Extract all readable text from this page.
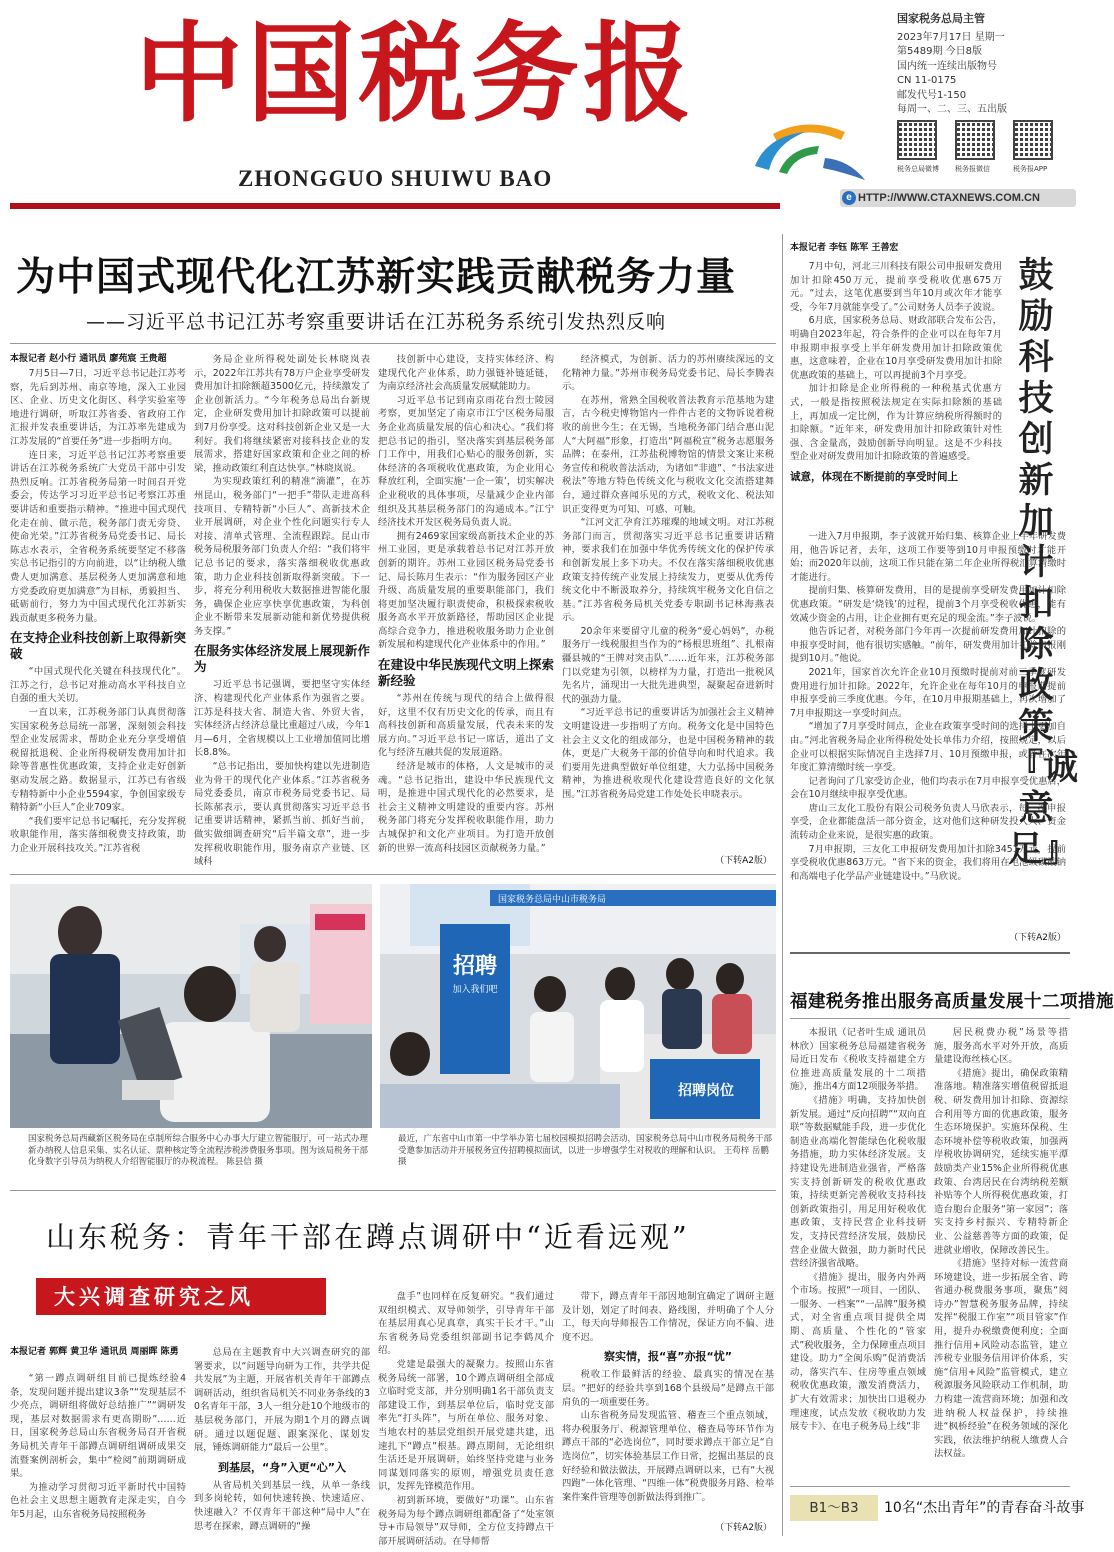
中国税务报
ZHONGGUO SHUIWU BAO
国家税务总局主管
2023年7月17日 星期一
第5489期 今日8版
国内统一连续出版物号
CN 11-0175
邮发代号1-150
每周一、二、三、五出版
税务总局微博 税务报微信	税务报APP
e HTTP://WWW.CTAXNEWS.COM.CN
为中国式现代化江苏新实践贡献税务力量
——习近平总书记江苏考察重要讲话在江苏税务系统引发热烈反响
本报记者 赵小行 通讯员 廖苑宸 王贵超

7月5日—7日，习近平总书记赴江苏考察，先后到苏州、南京等地，深入工业园区、企业、历史文化街区、科学实验室等地进行调研，听取江苏省委、省政府工作汇报并发表重要讲话，为江苏率先建成为江苏发展的“首要任务”进一步指明方向。

连日来，习近平总书记江苏考察重要讲话在江苏税务系统广大党员干部中引发热烈反响。江苏省税务局第一时间召开党委会，传达学习习近平总书记考察江苏重要讲话和重要指示精神。“推进中国式现代化走在前、做示范，税务部门责无旁贷、使命光荣。”江苏省税务局党委书记、局长陈志水表示，全省税务系统要坚定不移落实总书记指引的方向前进，以“让纳税人缴费人更加满意、基层税务人更加满意和地方党委政府更加满意”为目标，勇毅担当、砥砺前行，努力为中国式现代化江苏新实践贡献更多税务力量。

在支持企业科技创新上取得新突破

“中国式现代化关键在科技现代化”。江苏之行，总书记对推动高水平科技自立自强的重大关切。

一直以来，江苏税务部门认真贯彻落实国家税务总局统一部署，深刻领会科技型企业发展需求，帮助企业充分享受增值税留抵退税、企业所得税研发费用加计扣除等普惠性优惠政策，支持企业走好创新驱动发展之路。数据显示，江苏已有省级专精特新中小企业5594家，争创国家级专精特新“小巨人”企业709家。

“我们要牢记总书记嘱托，充分发挥税收职能作用，落实落细税费支持政策，助力企业开展科技攻关。”江苏省税

务局企业所得税处副处长林晓岚表示，2022年江苏共有78万户企业享受研发费用加计扣除额超3500亿元，持续激发了企业创新活力。“今年税务总局出台新规定，企业研发费用加计扣除政策可以提前到7月份享受。这对科技创新企业又是一大利好。我们将继续紧密对接科技企业的发展需求，搭建好国家政策和企业之间的桥梁，推动政策红利直达快享。”林晓岚说。

为实现政策红利的精准“滴灌”，在苏州昆山，税务部门“一把手”带队走进高科技项目、专精特新“小巨人”、高新技术企业开展调研，对企业个性化问题实行专人对接、清单式管理、全流程跟踪。昆山市税务局税服务部门负责人介绍：“我们将牢记总书记的要求，落实落细税收优惠政策，助力企业科技创新取得新突破。下一步，将充分利用税收大数据推进智能化服务，确保企业应享快享优惠政策，为科创企业不断带来发展新动能和新优势提供税务支撑。”

在服务实体经济发展上展现新作为

习近平总书记强调，要把坚守实体经济、构建现代化产业体系作为强省之要。江苏是科技大省、制造大省、外贸大省，实体经济占经济总量比重超过八成，今年1月—6月，全省规模以上工业增加值同比增长8.8%。

“总书记指出，要加快构建以先进制造业为骨干的现代化产业体系。”江苏省税务局党委委员，南京市税务局党委书记、局长陈郝表示，要认真贯彻落实习近平总书记重要讲话精神，紧抓当前、抓好当前，做实做细调查研究“后半篇文章”，进一步发挥税收职能作用，服务南京产业链、区域科

技创新中心建设，支持实体经济、构建现代化产业体系，助力强链补链延链，为南京经济社会高质量发展赋能助力。

习近平总书记到南京雨花台烈士陵园考察，更加坚定了南京市江宁区税务局服务企业高质量发展的信心和决心。“我们将把总书记的指引，坚决落实到基层税务部门工作中，用我们心贴心的服务创新，实体经济的各项税收优惠政策，为企业用心释放红利，全面实施‘一企一策’，切实解决企业税收的具体事项，尽量减少企业内部组织及其基层税务部门的沟通成本。”江宁经济技术开发区税务局负责人说。

拥有2469家国家级高新技术企业的苏州工业园，更是承载着总书记对江苏开放创新的期许。苏州工业园区税务局党委书记、局长陈月生表示：“作为服务园区产业升级、高质量发展的重要职能部门，我们将更加坚决履行职责使命，积极探索税收服务高水平开放新路径，帮助园区企业提高综合竞争力，推进税收服务助力企业创新发展和构建现代化产业体系中的作用。”

在建设中华民族现代文明上探索新经验

“苏州在传统与现代的结合上做得很好，这里不仅有历史文化的传承，而且有高科技创新和高质量发展，代表未来的发展方向。”习近平总书记一席话，道出了文化与经济互融共促的发展道路。

经济是城市的体格，人文是城市的灵魂。“总书记指出，建设中华民族现代文明，是推进中国式现代化的必然要求，是社会主义精神文明建设的重要内容。苏州税务部门将充分发挥税收职能作用，助力古城保护和文化产业项目。为打造开放创新的世界一流高科技园区贡献税务力量。”

经济模式，为创新、活力的苏州赓续深远的文化精神力量。”苏州市税务局党委书记、局长李腾表示。

在苏州，常熟全国税收普法教育示范基地为建言，古今税史博物馆内一件件古老的文物诉说着税收的前世今生；在无锡，当地税务部门结合惠山泥人“大阿福”形象，打造出“阿福税宣”税务志愿服务品牌；在泰州，江苏盐税博物馆的情景文案让来税务宣传和税收普法活动，为诸如“非遗”、“书法家进税法”等地方特色传统文化与税收文化交流搭建舞台，通过群众喜闻乐见的方式，税收文化、税法知识正变得更为可知、可感、可触。

“江河文汇孕育江苏璀璨的地域文明。对江苏税务部门而言，贯彻落实习近平总书记重要讲话精神，要求我们在加强中华优秀传统文化的保护传承和创新发展上多下功夫。不仅在落实落细税收优惠政策支持传统产业发展上持续发力，更要从优秀传统文化中不断汲取养分，持续筑牢税务文化自信之基。”江苏省税务局机关党委专职副书记林海燕表示。

20余年来要留守儿童的税务“爱心妈妈”，办税服务厅一线税服担当作为的“杨根思班组”、扎根南疆县城的“王牌对突击队”……近年来，江苏税务部门以党建为引领，以榜样为力量，打造出一批税风先名片，涌现出一大批先进典型，凝聚起奋进新时代的强劲力量。

“习近平总书记的重要讲话为加强社会主义精神文明建设进一步指明了方向。税务文化是中国特色社会主义文化的组成部分，也是中国税务精神的载体，更是广大税务干部的价值导向和时代追求。我们要用先进典型做好单位组建，大力弘扬中国税务精神，为推进税收现代化建设营造良好的文化氛围。”江苏省税务局党建工作处处长申晓表示。

（下转A2版）
本报记者 李钰 陈军 王善宏
鼓励科技创新 加计扣除政策『诚意足』

7月中旬，河北三川科技有限公司申报研发费用加计扣除450万元，提前享受税收优惠675万元。“过去，这笔优惠要到当年10月或次年才能享受，今年7月就能享受了。”公司财务人员李子波说。

6月底，国家税务总局、财政部联合发布公告，明确自2023年起，符合条件的企业可以在每年7月申报期申报享受上半年研发费用加计扣除政策优惠，这意味着，企业在10月享受研发费用加计扣除优惠政策的基础上，可以再提前3个月享受。

加计扣除是企业所得税的一种税基式优惠方式，一般是指按照税法规定在实际扣除额的基础上，再加成一定比例，作为计算应纳税所得额时的扣除额。“近年来，研发费用加计扣除政策针对性强、含金量高，鼓励创新导向明显。这是不少科技型企业对研发费用加计扣除政策的普遍感受。

诚意，体现在不断提前的享受时间上

一进入7月申报期，李子波就开始归集、核算企业上半年研发费用，他告诉记者，去年，这项工作要等到10月申报预缴时才能开始；而2020年以前，这项工作只能在第二年企业所得税汇算清缴时才能进行。

提前归集、核算研发费用，目的是提前享受研发费用加计扣除优惠政策。“研发是‘烧钱’的过程，提前3个月享受税收优惠，能有效减少资金的占用，让企业拥有更充足的现金流。”李子波说。

他告诉记者，对税务部门今年再一次提前研发费用加计扣除的申报享受时间，他有很切实感触。“前年，研发费用加计扣除申报刚提到10月。”他说。

2021年，国家首次允许企业10月预缴时提前对前三季度研发费用进行加计扣除。2022年，允许企业在每年10月的申报期提前申报享受前三季度优惠。今年，在10月申报期基础上，再次增加了7月申报期这一享受时间点。

“增加了7月享受时间点，企业在政策享受时间的选择上更加自由。”河北省税务局企业所得税处处长单伟力介绍，按照规定，以后企业可以根据实际情况自主选择7月、10月预缴申报，或者在次年年度汇算清缴时统一享受。

记者询问了几家受访企业，他们均表示在7月申报享受优惠后，会在10月继续申报享受优惠。

唐山三友化工股份有限公司税务负责人马欣表示，每一次申报享受，企业都能盘活一部分资金，这对他们这种研发投入大、资金流转动企业来说，是很实惠的政策。

7月申报期，三友化工申报研发费用加计扣除3451万元，提前享受税收优惠863万元。“省下来的资金，我们将用在电池级碳酸钠和高端电子化学品产业链建设中。”马欣说。

（下转A2版）
招聘
加入我们吧
招聘岗位
国家税务总局中山市税务局
国家税务总局西藏新区税务局在卓制所综合服务中心办事大厅建立智能服厅，可一站式办理新办纳税人信息采集、实名认证、票种核定等全流程涉税涉费服务事项。图为该局税务干部化身数字引导员为纳税人介绍智能服厅的办税流程。 陈县信 摄
最近，广东省中山市第一中学举办第七届校园模拟招聘会活动，国家税务总局中山市税务局税务干部受邀参加活动并开展税务宣传招聘模拟面试，以进一步增强学生对税收的理解和认识。 王苟梓 岳鹏 摄
山东税务：青年干部在蹲点调研中“近看远观”
大兴调查研究之风
本报记者 郭辉 黄卫华 通讯员 周丽晖 陈勇

“第一蹲点调研组目前已提炼经验4条，发现问题并提出建议3条”“发现基层不少亮点，调研组将做好总结推广”“调研发现，基层对数据需求有更高期盼”……近日，国家税务总局山东省税务局召开省税务局机关青年干部蹲点调研组调研成果交流暨案例剖析会，集中“检阅”前期调研成果。

为推动学习贯彻习近平新时代中国特色社会主义思想主题教育走深走实，自今年5月起，山东省税务局按照税务

总局在主题教育中大兴调查研究的部署要求，以“问题导向研为工作，共学共促共发展”为主题，开展省机关青年干部蹲点调研活动，组织省局机关不同业务条线的30名青年干部，3人一组分赴10个地级市的基层税务部门，开展为期1个月的蹲点调研。通过以题促题、跟案深化、谋划发展，锤炼调研能力“最后一公里”。

到基层，“身”入更“心”入

从省局机关到基层一线，从单一条线到多岗轮转，如何快速转换、快速适应、快速融入？不仅青年干部这种“局中人”在思考在探索，蹲点调研的“操

盘手”也同样在反复研究。“我们通过双组织模式、双导师领学，引导青年干部在基层用真心见真章，真实干长才干。”山东省税务局党委组织部副书记李鹤凤介绍。

党建是最强大的凝聚力。按照山东省税务局统一部署，10个蹲点调研组全部成立临时党支部，并分别明确1名干部负责支部建设工作，到基层单位后，临时党支部率先“打头阵”，与所在单位、服务对象、当地农村的基层党组织开展党建共建，迅速扎下“蹲点”根基。蹲点期间，无论组织生活还是开展调研，始终坚持党建与业务同谋划同落实的原则，增强党员责任意识，发挥先锋模范作用。

初到新环境，要做好“功课”。山东省税务局为每个蹲点调研组都配备了“处室领导+市局领导”双导师，全方位支持蹲点干部开展调研活动。在导师帮

带下，蹲点青年干部因地制宜确定了调研主题及计划，划定了时间表、路线图，并明确了个人分工，每天向导师报告工作情况，保证方向不偏、进度不迟。

察实情，报“喜”亦报“忧”

税收工作最鲜活的经验、最真实的情况在基层。“把好的经验共享到168个县级局”是蹲点干部肩负的一项重要任务。

山东省税务局发现监管、稽查三个重点领域，将办税服务厅、税源管理单位、稽查局等环节作为蹲点干部的“必选岗位”，同时要求蹲点干部立足“自选岗位”，切实体验基层工作日常，挖掘出基层的良好经验和做法做法，开展蹲点调研以来，已有“大视四跑”一体化管理、“四维一体”税费服务月路、检举案件案件管理等创新做法得到推广。

（下转A2版）
福建税务推出服务高质量发展十二项措施

本报讯（记者叶生成 通讯员林欣）国家税务总局福建省税务局近日发布《税收支持福建全方位推进高质量发展的十二项措施》，推出4方面12项服务举措。

《措施》明确，支持加快创新发展。通过“反向招聘”“双向直联”等数据赋能手段，进一步优化制造业高端化智能绿色化税收服务措施，助力实体经济发展。支持建设先进制造业强省，严格落实支持创新研发的税收优惠政策，持续更新完善税收支持科技创新政策指引，用足用好税收优惠政策，支持民营企业科技研发，支持民营经济发展，鼓励民营企业做大做强，助力新时代民营经济强省战略。

《措施》提出，服务内外两个市场。按照“一项目、一团队、一服务、一档案”“一品牌”服务模式，对全省重点项目提供全周期、高质量、个性化的“管家式”税收服务，全力保障重点项目建设。助力“全闽乐购”促消费活动，落实汽车、住房等重点领域税收优惠政策，激发消费活力，扩大有效需求；加快出口退税办理速度，试点发放《税收助力发展专卡》、在电子税务局上线“非

居民税费办税”场景等措施，服务高水平对外开放，高质量建设海丝核心区。

《措施》提出，确保政策精准落地。精准落实增值税留抵退税、研发费用加计扣除、资源综合利用等方面的优惠政策，服务生态环境保护。实施环保税、生态环境补偿等税收政策，加强两岸税收协调研究，延续实施平潭鼓励类产业15%企业所得税优惠政策、台湾居民在台湾纳税差额补贴等个人所得税优惠政策，打造台胞台企服务“第一家园”；落实支持乡村振兴、专精特新企业、公益慈善等方面的政策，促进就业增收，保障改善民生。

《措施》坚持对标一流营商环境建设，进一步拓展全省、跨省通办税费服务事项，聚焦“阅诗办”智慧税务服务品牌，持续发挥“税服工作室”“项目管家”作用，提升办税缴费便利度；全面推行信用+风险动态监管，建立涉税专业服务信用评价体系，实施“信用+风险”监管模式，建立税源服务风险联动工作机制，助力构建一流营商环境；加强和改进纳税人权益保护，持续推进“枫桥经验”在税务领域的深化实践，依法维护纳税人缴费人合法权益。

B1～B3	10名“杰出青年”的青春奋斗故事
